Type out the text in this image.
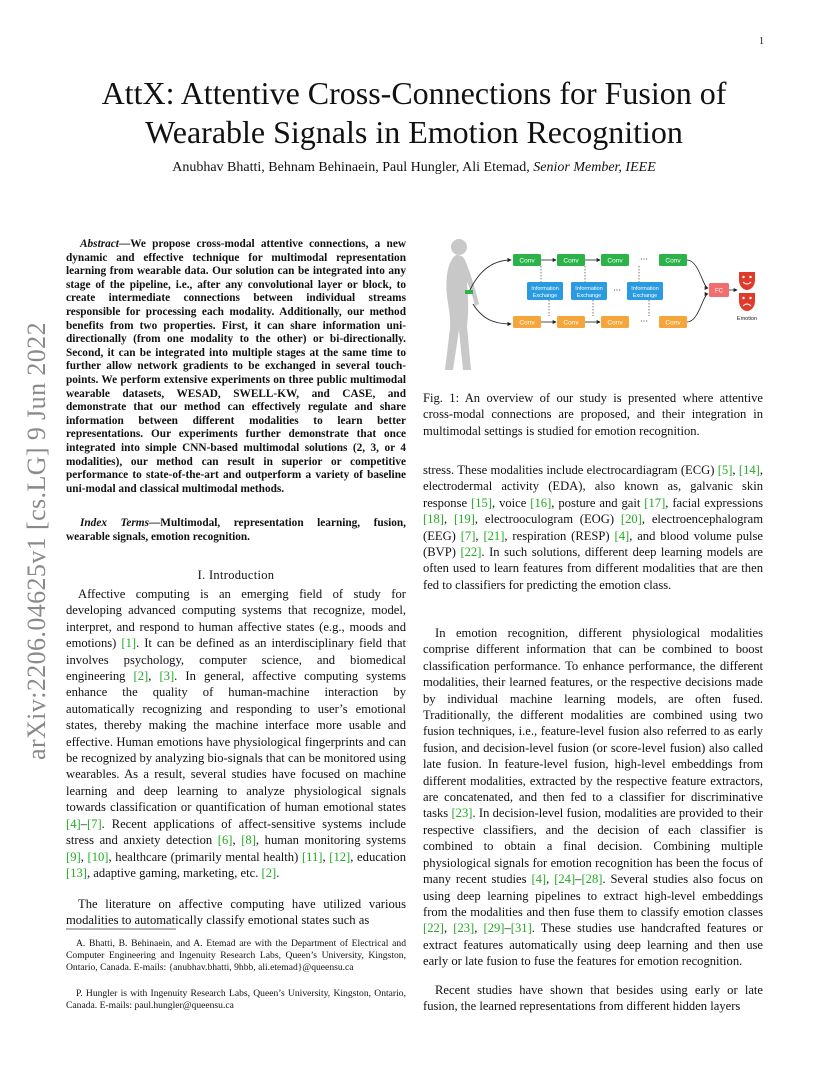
1
arXiv:2206.04625v1 [cs.LG] 9 Jun 2022
AttX: Attentive Cross-Connections for Fusion of
Wearable Signals in Emotion Recognition
Anubhav Bhatti, Behnam Behinaein, Paul Hungler, Ali Etemad, Senior Member, IEEE

Abstract—We propose cross-modal attentive connections, a new dynamic and effective technique for multimodal representation learning from wearable data. Our solution can be integrated into any stage of the pipeline, i.e., after any convolutional layer or block, to create intermediate connections between individual streams responsible for processing each modality. Additionally, our method benefits from two properties. First, it can share information uni-directionally (from one modality to the other) or bi-directionally. Second, it can be integrated into multiple stages at the same time to further allow network gradients to be exchanged in several touch-points. We perform extensive experiments on three public multimodal wearable datasets, WESAD, SWELL-KW, and CASE, and demonstrate that our method can effectively regulate and share information between different modalities to learn better representations. Our experiments further demonstrate that once integrated into simple CNN-based multimodal solutions (2, 3, or 4 modalities), our method can result in superior or competitive performance to state-of-the-art and outperform a variety of baseline uni-modal and classical multimodal methods.

Index Terms—Multimodal, representation learning, fusion, wearable signals, emotion recognition.

I. Introduction

Affective computing is an emerging field of study for developing advanced computing systems that recognize, model, interpret, and respond to human affective states (e.g., moods and emotions) [1]. It can be defined as an interdisciplinary field that involves psychology, computer science, and biomedical engineering [2], [3]. In general, affective computing systems enhance the quality of human-machine interaction by automatically recognizing and responding to user’s emotional states, thereby making the machine interface more usable and effective. Human emotions have physiological fingerprints and can be recognized by analyzing bio-signals that can be monitored using wearables. As a result, several studies have focused on machine learning and deep learning to analyze physiological signals towards classification or quantification of human emotional states [4]–[7]. Recent applications of affect-sensitive systems include stress and anxiety detection [6], [8], human monitoring systems [9], [10], healthcare (primarily mental health) [11], [12], education [13], adaptive gaming, marketing, etc. [2].

The literature on affective computing have utilized various modalities to automatically classify emotional states such as

A. Bhatti, B. Behinaein, and A. Etemad are with the Department of Electrical and Computer Engineering and Ingenuity Research Labs, Queen’s University, Kingston, Ontario, Canada. E-mails: {anubhav.bhatti, 9hbb, ali.etemad}@queensu.ca

P. Hungler is with Ingenuity Research Labs, Queen’s University, Kingston, Ontario, Canada. E-mails: paul.hungler@queensu.ca

Conv	Conv	Conv ···	Conv
Information
Exchange
Information
Exchange
··· Information
Exchange
Conv	Conv	Conv ···	Conv
FC
Emotion

Fig. 1: An overview of our study is presented where attentive cross-modal connections are proposed, and their integration in multimodal settings is studied for emotion recognition.

stress. These modalities include electrocardiagram (ECG) [5], [14], electrodermal activity (EDA), also known as, galvanic skin response [15], voice [16], posture and gait [17], facial expressions [18], [19], electrooculogram (EOG) [20], electroencephalogram (EEG) [7], [21], respiration (RESP) [4], and blood volume pulse (BVP) [22]. In such solutions, different deep learning models are often used to learn features from different modalities that are then fed to classifiers for predicting the emotion class.

In emotion recognition, different physiological modalities comprise different information that can be combined to boost classification performance. To enhance performance, the different modalities, their learned features, or the respective decisions made by individual machine learning models, are often fused. Traditionally, the different modalities are combined using two fusion techniques, i.e., feature-level fusion also referred to as early fusion, and decision-level fusion (or score-level fusion) also called late fusion. In feature-level fusion, high-level embeddings from different modalities, extracted by the respective feature extractors, are concatenated, and then fed to a classifier for discriminative tasks [23]. In decision-level fusion, modalities are provided to their respective classifiers, and the decision of each classifier is combined to obtain a final decision. Combining multiple physiological signals for emotion recognition has been the focus of many recent studies [4], [24]–[28]. Several studies also focus on using deep learning pipelines to extract high-level embeddings from the modalities and then fuse them to classify emotion classes [22], [23], [29]–[31]. These studies use handcrafted features or extract features automatically using deep learning and then use early or late fusion to fuse the features for emotion recognition.

Recent studies have shown that besides using early or late fusion, the learned representations from different hidden layers
